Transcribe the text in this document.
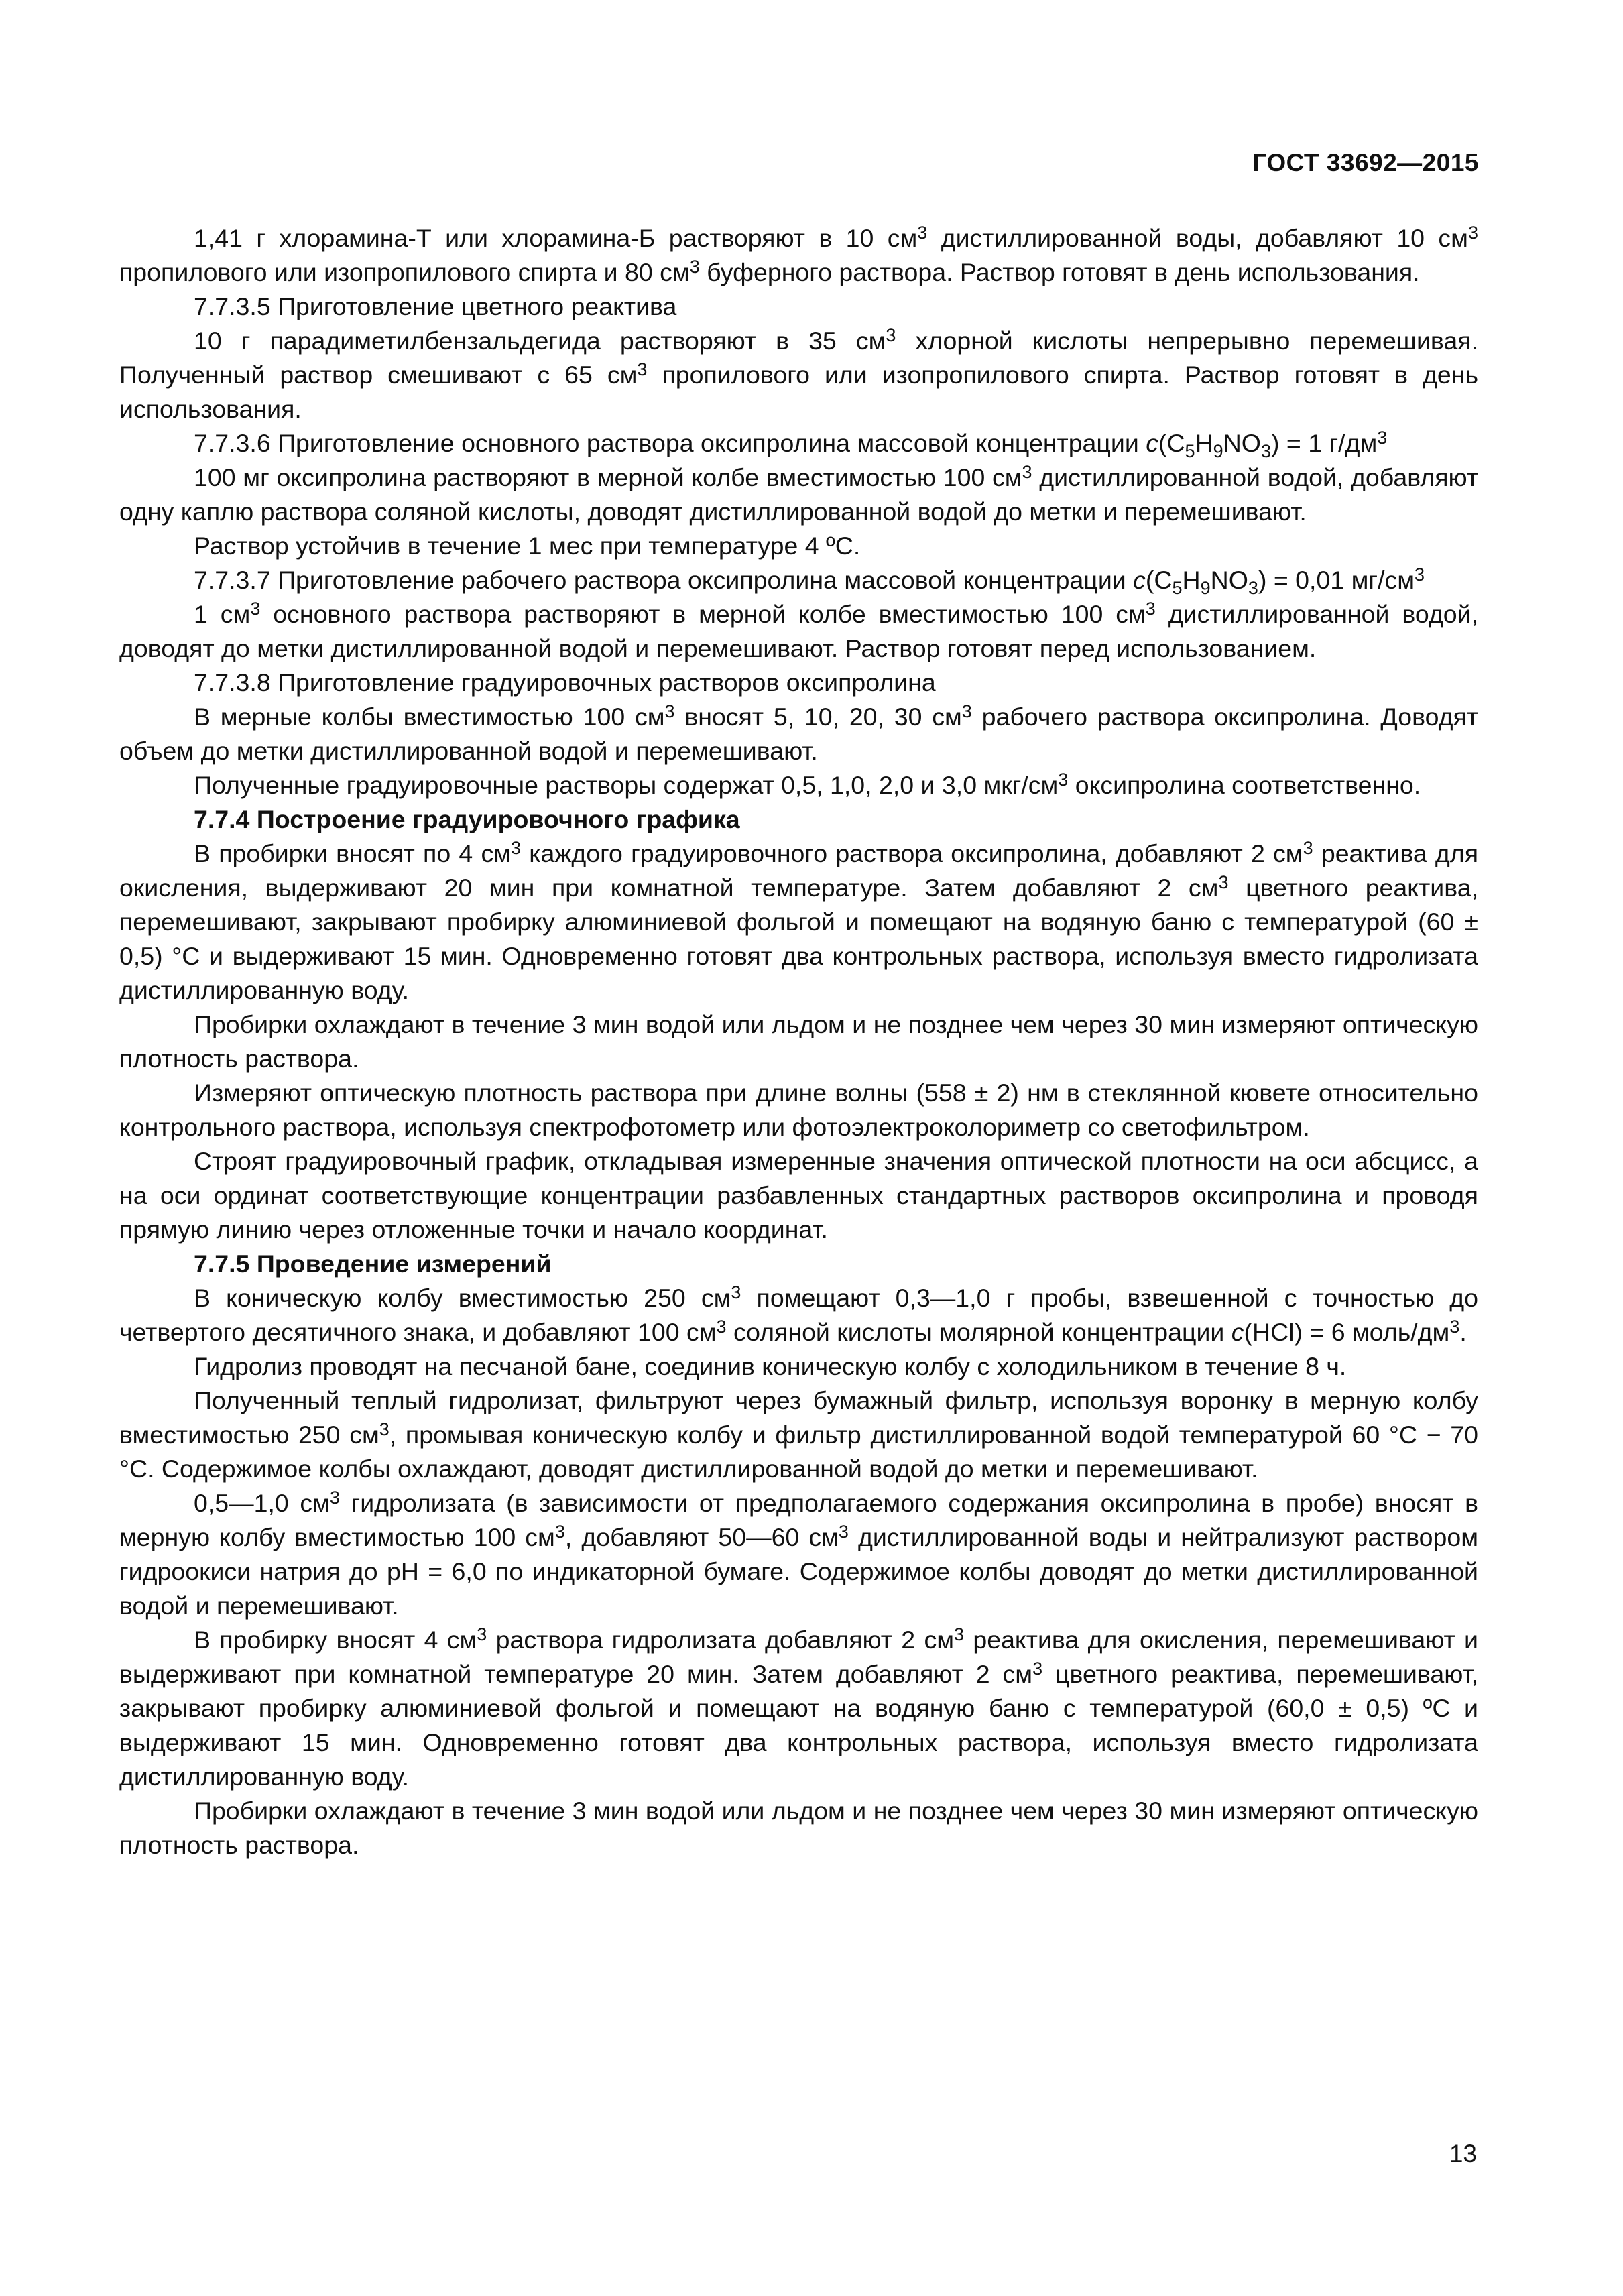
ГОСТ 33692—2015

1,41 г хлорамина-Т или хлорамина-Б растворяют в 10 $см^3$ дистиллированной воды, добавляют 10 $см^3$ пропилового или изопропилового спирта и 80 $см^3$ буферного раствора. Раствор готовят в день использования.

7.7.3.5 Приготовление цветного реактива

10 г парадиметилбензальдегида растворяют в 35 $см^3$ хлорной кислоты непрерывно перемешивая. Полученный раствор смешивают с 65 $см^3$ пропилового или изопропилового спирта. Раствор готовят в день использования.

7.7.3.6 Приготовление основного раствора оксипролина массовой концентрации $c(C_5H_9NO_3) = 1$ $г/дм^3$

100 мг оксипролина растворяют в мерной колбе вместимостью 100 $см^3$ дистиллированной водой, добавляют одну каплю раствора соляной кислоты, доводят дистиллированной водой до метки и перемешивают.

Раствор устойчив в течение 1 мес при температуре 4 ºС.

7.7.3.7 Приготовление рабочего раствора оксипролина массовой концентрации $c(C_5H_9NO_3) = 0,01$ $мг/см^3$

1 $см^3$ основного раствора растворяют в мерной колбе вместимостью 100 $см^3$ дистиллированной водой, доводят до метки дистиллированной водой и перемешивают. Раствор готовят перед использованием.

7.7.3.8 Приготовление градуировочных растворов оксипролина

В мерные колбы вместимостью 100 $см^3$ вносят 5, 10, 20, 30 $см^3$ рабочего раствора оксипролина. Доводят объем до метки дистиллированной водой и перемешивают.

Полученные градуировочные растворы содержат 0,5, 1,0, 2,0 и 3,0 мкг/$см^3$ оксипролина соответственно.

7.7.4 Построение градуировочного графика

В пробирки вносят по 4 $см^3$ каждого градуировочного раствора оксипролина, добавляют 2 $см^3$ реактива для окисления, выдерживают 20 мин при комнатной температуре. Затем добавляют 2 $см^3$ цветного реактива, перемешивают, закрывают пробирку алюминиевой фольгой и помещают на водяную баню с температурой (60 ± 0,5) °С и выдерживают 15 мин. Одновременно готовят два контрольных раствора, используя вместо гидролизата дистиллированную воду.

Пробирки охлаждают в течение 3 мин водой или льдом и не позднее чем через 30 мин измеряют оптическую плотность раствора.

Измеряют оптическую плотность раствора при длине волны (558 ± 2) нм в стеклянной кювете относительно контрольного раствора, используя спектрофотометр или фотоэлектроколориметр со светофильтром.

Строят градуировочный график, откладывая измеренные значения оптической плотности на оси абсцисс, а на оси ординат соответствующие концентрации разбавленных стандартных растворов оксипролина и проводя прямую линию через отложенные точки и начало координат.

7.7.5 Проведение измерений

В коническую колбу вместимостью 250 $см^3$ помещают 0,3—1,0 г пробы, взвешенной с точностью до четвертого десятичного знака, и добавляют 100 $см^3$ соляной кислоты молярной концентрации c(HCl) = 6 моль/$дм^3$.

Гидролиз проводят на песчаной бане, соединив коническую колбу с холодильником в течение 8 ч.

Полученный теплый гидролизат, фильтруют через бумажный фильтр, используя воронку в мерную колбу вместимостью 250 $см^3$, промывая коническую колбу и фильтр дистиллированной водой температурой 60 °С − 70 °С. Содержимое колбы охлаждают, доводят дистиллированной водой до метки и перемешивают.

0,5—1,0 $см^3$ гидролизата (в зависимости от предполагаемого содержания оксипролина в пробе) вносят в мерную колбу вместимостью 100 $см^3$, добавляют 50—60 $см^3$ дистиллированной воды и нейтрализуют раствором гидроокиси натрия до pH = 6,0 по индикаторной бумаге. Содержимое колбы доводят до метки дистиллированной водой и перемешивают.

В пробирку вносят 4 $см^3$ раствора гидролизата добавляют 2 $см^3$ реактива для окисления, перемешивают и выдерживают при комнатной температуре 20 мин. Затем добавляют 2 $см^3$ цветного реактива, перемешивают, закрывают пробирку алюминиевой фольгой и помещают на водяную баню с температурой (60,0 ± 0,5) ºС и выдерживают 15 мин. Одновременно готовят два контрольных раствора, используя вместо гидролизата дистиллированную воду.

Пробирки охлаждают в течение 3 мин водой или льдом и не позднее чем через 30 мин измеряют оптическую плотность раствора.

13
